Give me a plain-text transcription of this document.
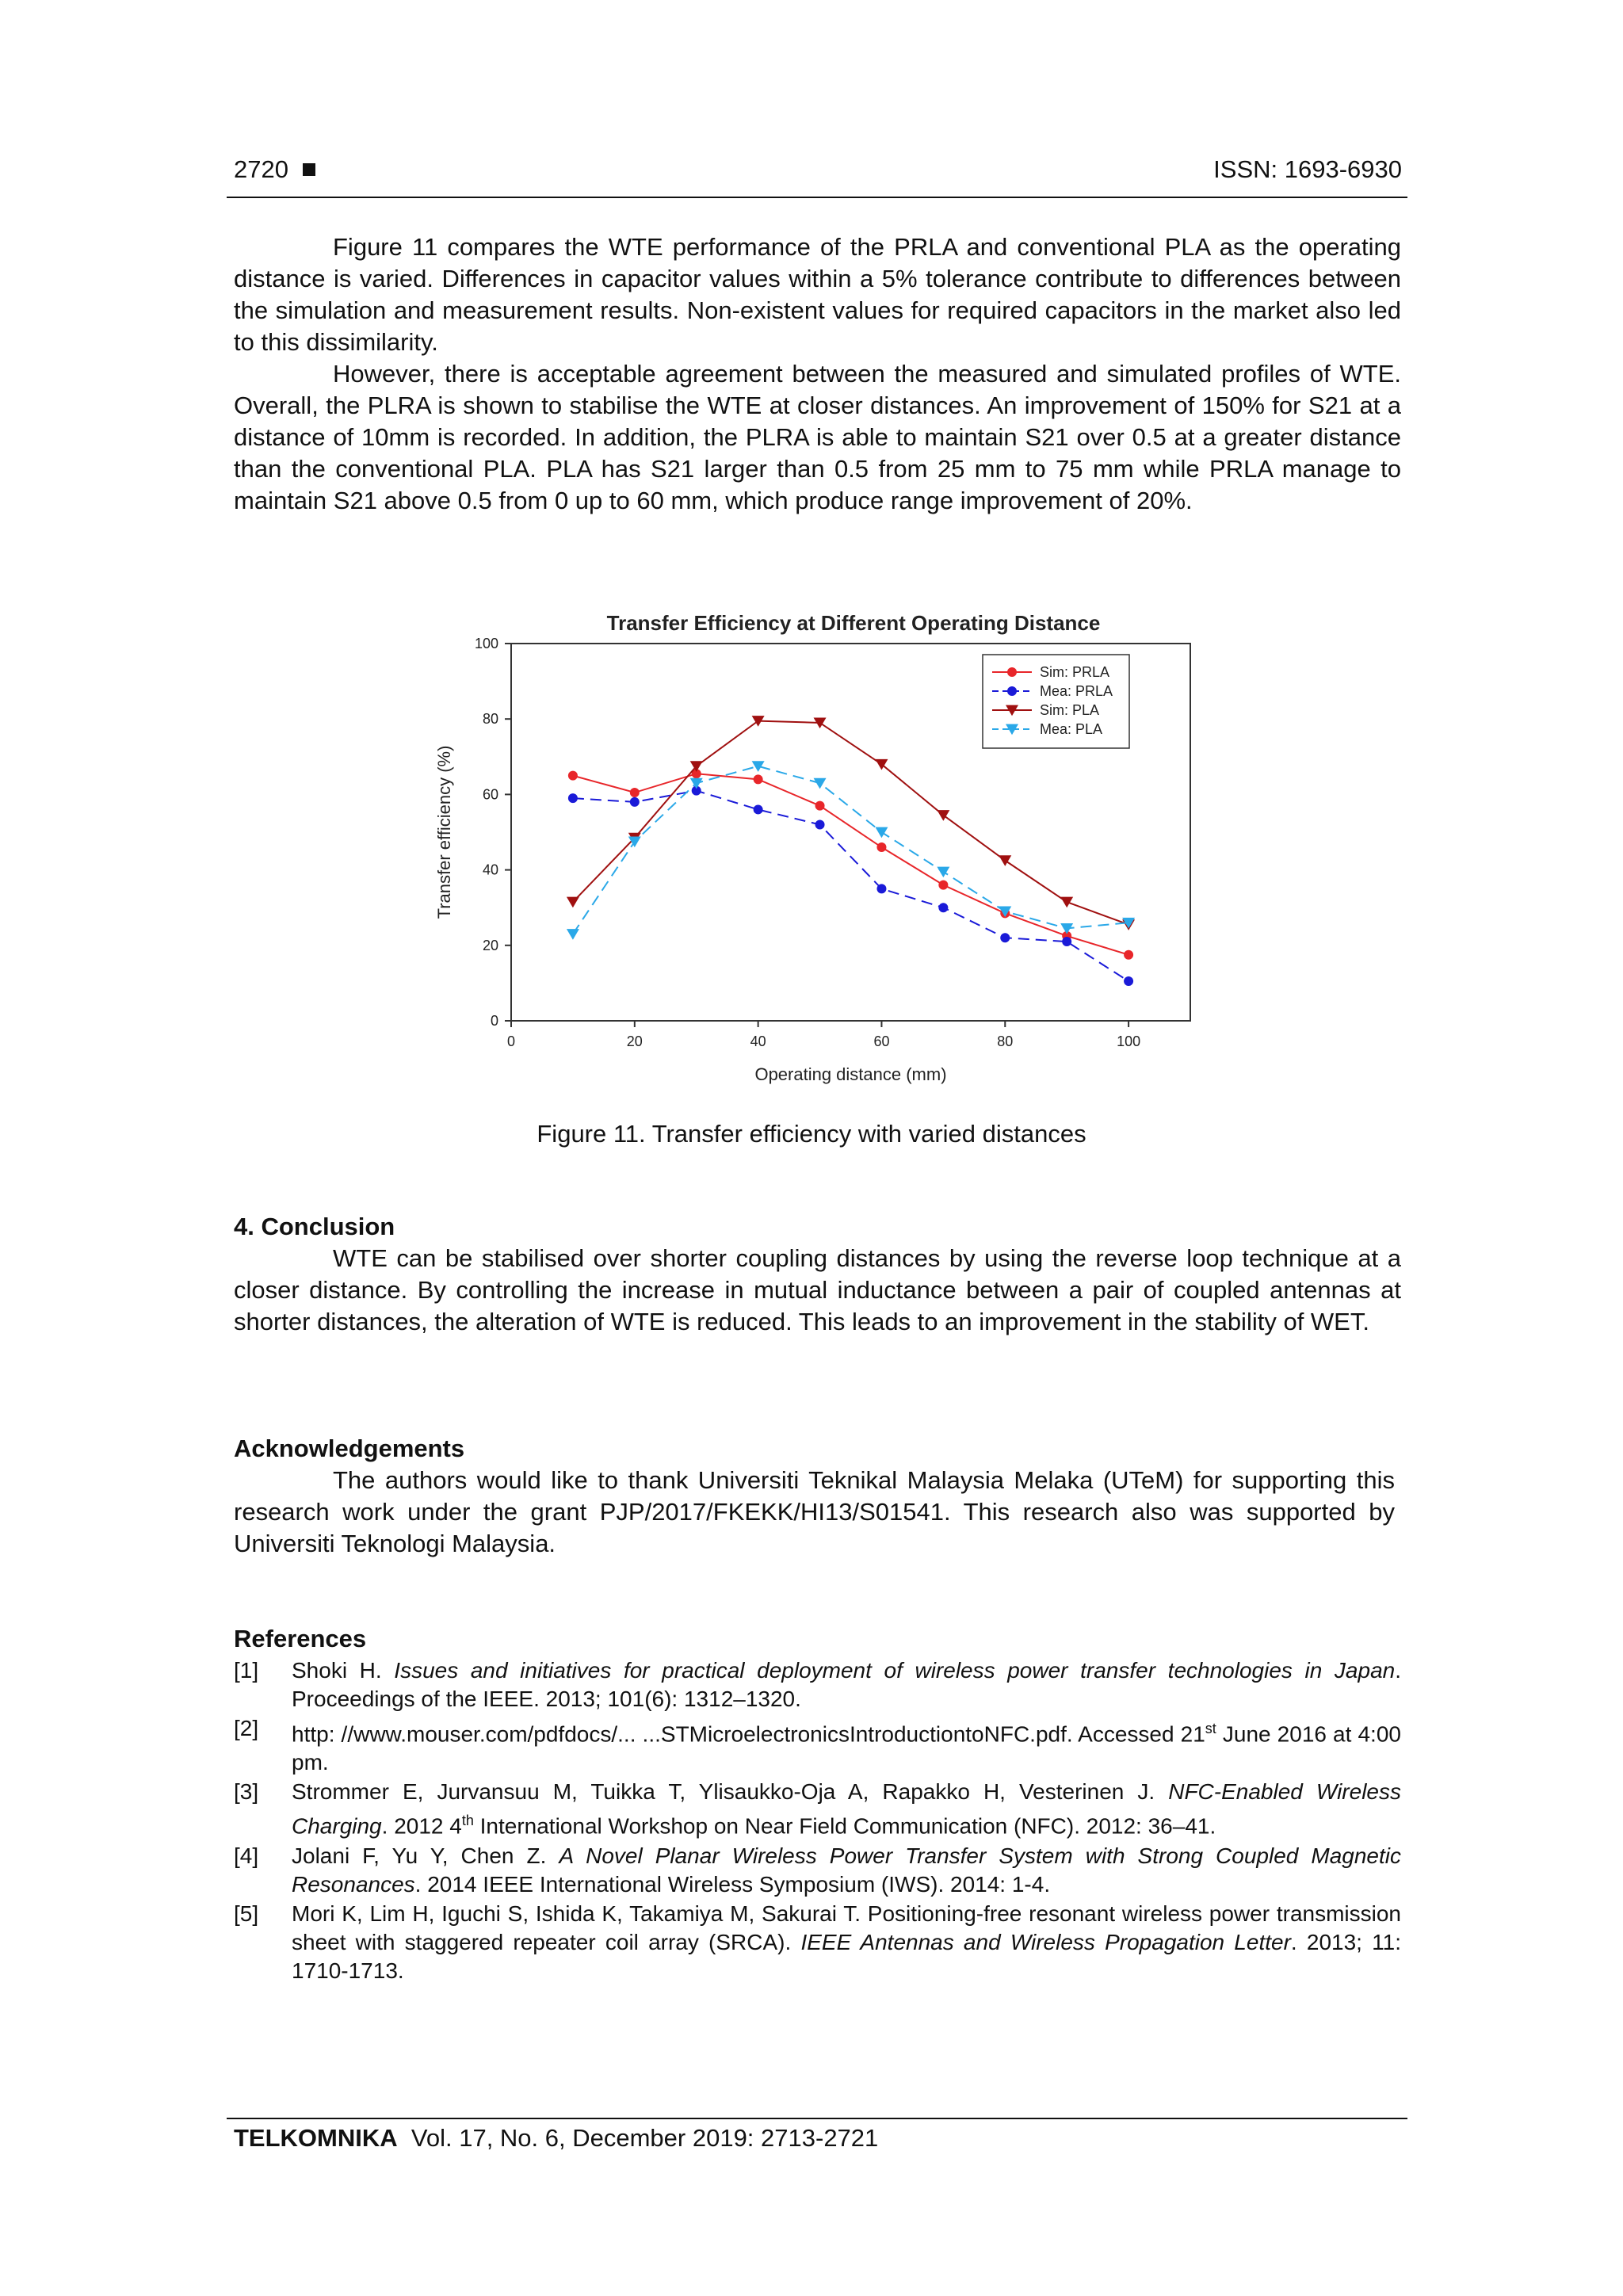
2720	ISSN: 1693-6930

Figure 11 compares the WTE performance of the PRLA and conventional PLA as the operating distance is varied. Differences in capacitor values within a 5% tolerance contribute to differences between the simulation and measurement results. Non-existent values for required capacitors in the market also led to this dissimilarity.

However, there is acceptable agreement between the measured and simulated profiles of WTE. Overall, the PLRA is shown to stabilise the WTE at closer distances. An improvement of 150% for S21 at a distance of 10mm is recorded. In addition, the PLRA is able to maintain S21 over 0.5 at a greater distance than the conventional PLA. PLA has S21 larger than 0.5 from 25 mm to 75 mm while PRLA manage to maintain S21 above 0.5 from 0 up to 60 mm, which produce range improvement of 20%.

Transfer Efficiency at Different Operating Distance
0	20	40	60	80	100
0
20
40
60
80
100
Operating distance (mm)
Transfer efficiency (%)
Sim: PRLA
Mea: PRLA
Sim: PLA
Mea: PLA
Figure 11. Transfer efficiency with varied distances
4. Conclusion

WTE can be stabilised over shorter coupling distances by using the reverse loop technique at a closer distance. By controlling the increase in mutual inductance between a pair of coupled antennas at shorter distances, the alteration of WTE is reduced. This leads to an improvement in the stability of WET.

Acknowledgements

The authors would like to thank Universiti Teknikal Malaysia Melaka (UTeM) for supporting this research work under the grant PJP/2017/FKEKK/HI13/S01541. This research also was supported by Universiti Teknologi Malaysia.

References
[1]	Shoki H. Issues and initiatives for practical deployment of wireless power transfer technologies in Japan. Proceedings of the IEEE. 2013; 101(6): 1312–1320.
[2]	http: //www.mouser.com/pdfdocs/... ...STMicroelectronicsIntroductiontoNFC.pdf. Accessed 21st June 2016 at 4:00 pm.
[3]	Strommer E, Jurvansuu M, Tuikka T, Ylisaukko-Oja A, Rapakko H, Vesterinen J. NFC-Enabled Wireless Charging. 2012 4th International Workshop on Near Field Communication (NFC). 2012: 36–41.
[4]	Jolani F, Yu Y, Chen Z. A Novel Planar Wireless Power Transfer System with Strong Coupled Magnetic Resonances. 2014 IEEE International Wireless Symposium (IWS). 2014: 1-4.
[5]	Mori K, Lim H, Iguchi S, Ishida K, Takamiya M, Sakurai T. Positioning-free resonant wireless power transmission sheet with staggered repeater coil array (SRCA). IEEE Antennas and Wireless Propagation Letter. 2013; 11: 1710-1713.
TELKOMNIKA Vol. 17, No. 6, December 2019: 2713-2721
